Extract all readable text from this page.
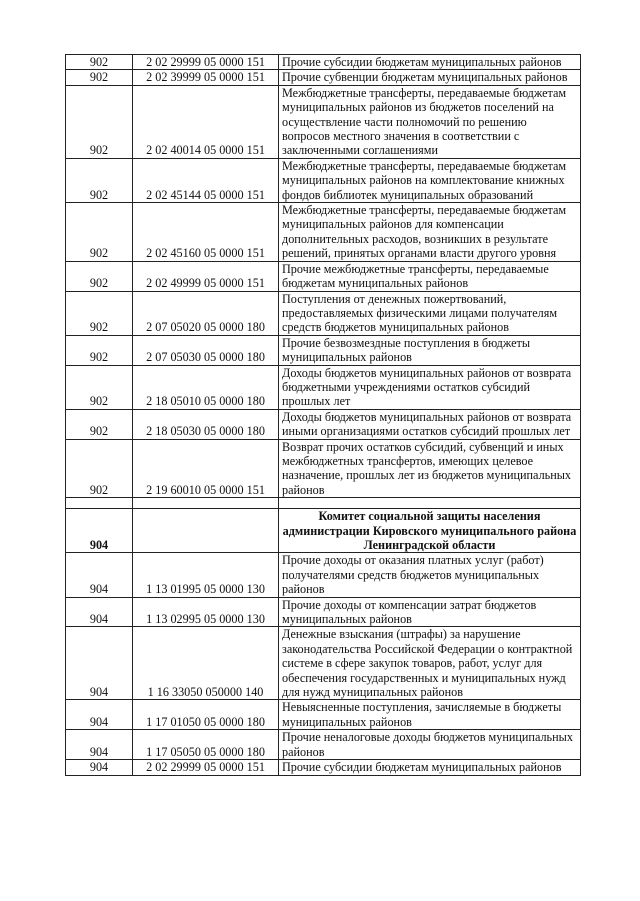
902	2 02 29999 05 0000 151	Прочие субсидии бюджетам муниципальных районов
902	2 02 39999 05 0000 151	Прочие субвенции бюджетам муниципальных районов
902	2 02 40014 05 0000 151	Межбюджетные трансферты, передаваемые бюджетам муниципальных районов из бюджетов поселений на осуществление части полномочий по решению вопросов местного значения в соответствии с заключенными соглашениями
902	2 02 45144 05 0000 151	Межбюджетные трансферты, передаваемые бюджетам муниципальных районов на комплектование книжных фондов библиотек муниципальных образований
902	2 02 45160 05 0000 151	Межбюджетные трансферты, передаваемые бюджетам муниципальных районов для компенсации дополнительных расходов, возникших в результате решений, принятых органами власти другого уровня
902	2 02 49999 05 0000 151	Прочие межбюджетные трансферты, передаваемые бюджетам муниципальных районов
902	2 07 05020 05 0000 180	Поступления от денежных пожертвований, предоставляемых физическими лицами получателям средств бюджетов муниципальных районов
902	2 07 05030 05 0000 180	Прочие безвозмездные поступления в бюджеты муниципальных районов
902	2 18 05010 05 0000 180	Доходы бюджетов муниципальных районов от возврата бюджетными учреждениями остатков субсидий прошлых лет
902	2 18 05030 05 0000 180	Доходы бюджетов муниципальных районов от возврата иными организациями остатков субсидий прошлых лет
902	2 19 60010 05 0000 151	Возврат прочих остатков субсидий, субвенций и иных межбюджетных трансфертов, имеющих целевое назначение, прошлых лет из бюджетов муниципальных районов

904		Комитет социальной защиты населения администрации Кировского муниципального района Ленинградской области
904	1 13 01995 05 0000 130	Прочие доходы от оказания платных услуг (работ) получателями средств бюджетов муниципальных районов
904	1 13 02995 05 0000 130	Прочие доходы от компенсации затрат бюджетов муниципальных районов
904	1 16 33050 050000 140	Денежные взыскания (штрафы) за нарушение законодательства Российской Федерации о контрактной системе в сфере закупок товаров, работ, услуг для обеспечения государственных и муниципальных нужд для нужд муниципальных районов
904	1 17 01050 05 0000 180	Невыясненные поступления, зачисляемые в бюджеты муниципальных районов
904	1 17 05050 05 0000 180	Прочие неналоговые доходы бюджетов муниципальных районов
904	2 02 29999 05 0000 151	Прочие субсидии бюджетам муниципальных районов
